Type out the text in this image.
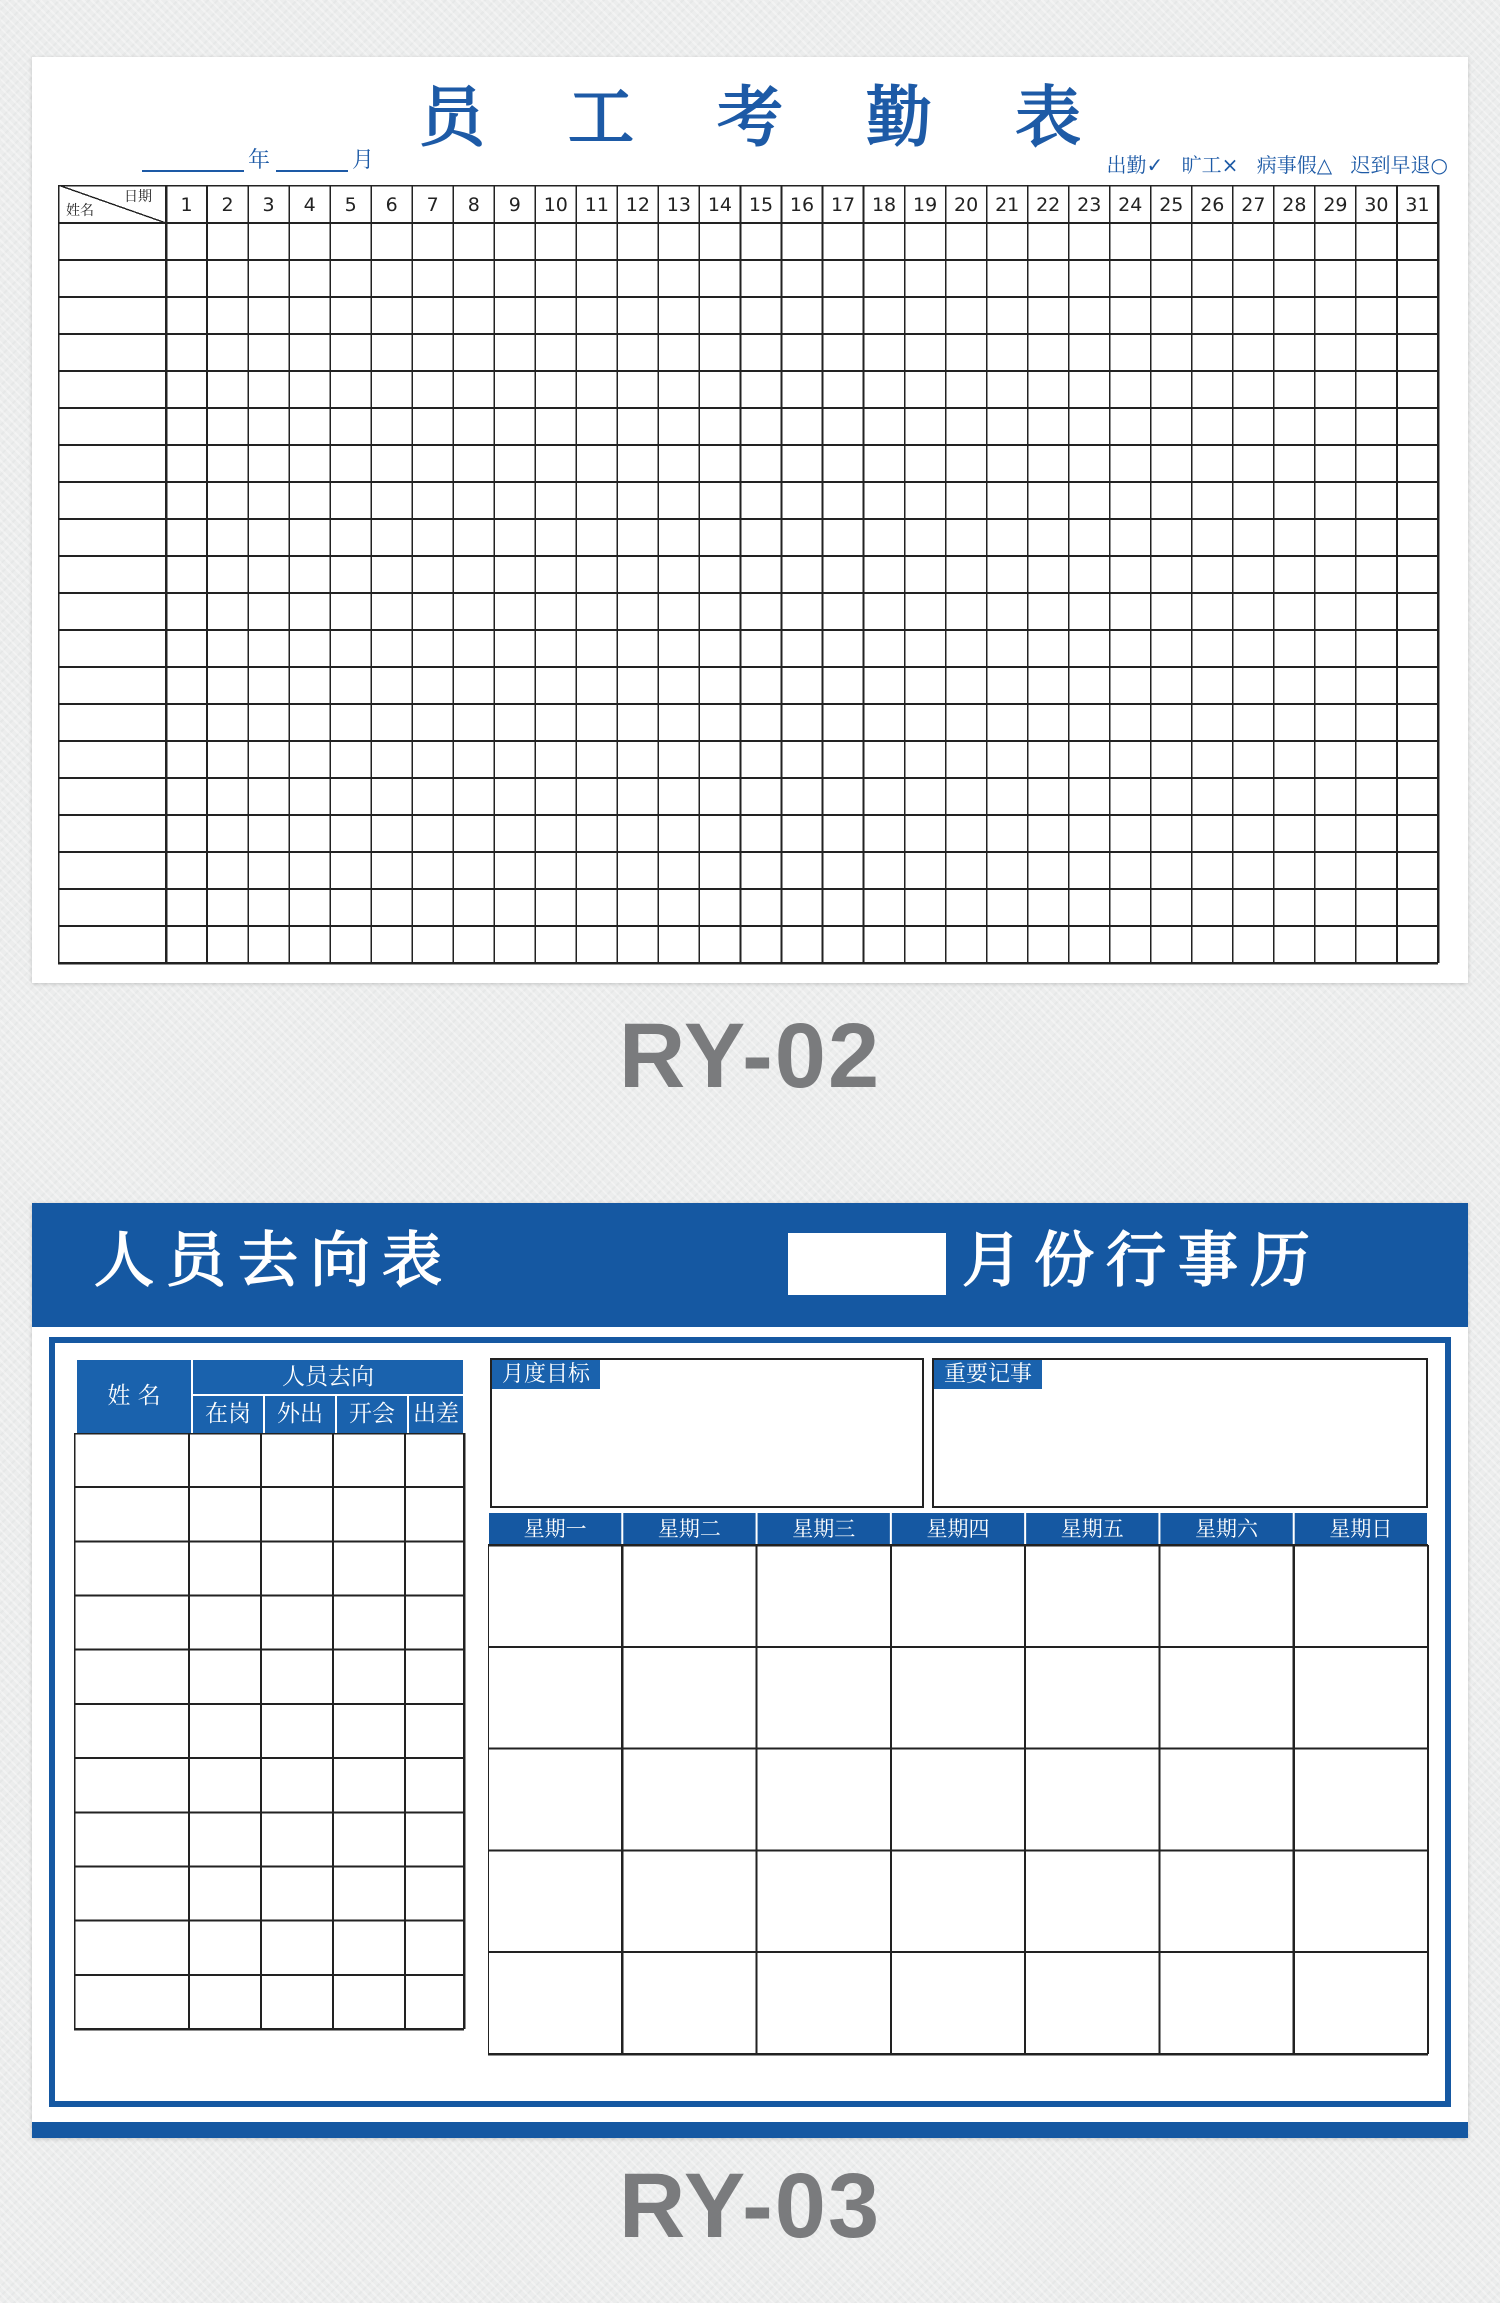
员 工 考 勤 表
年	月	出勤✓ 旷工× 病事假△ 迟到早退○
日期
姓名	1 2 3 4 5 6 7 8 9 10 11 12 13 14 15 16 17 18 19 20 21 22 23 24 25 26 27 28 29 30 31
RY-02
人员去向表	月份行事历
姓 名
人员去向
在岗 外出 开会 出差
月度目标	重要记事
星期一	星期二	星期三	星期四	星期五	星期六	星期日
RY-03
